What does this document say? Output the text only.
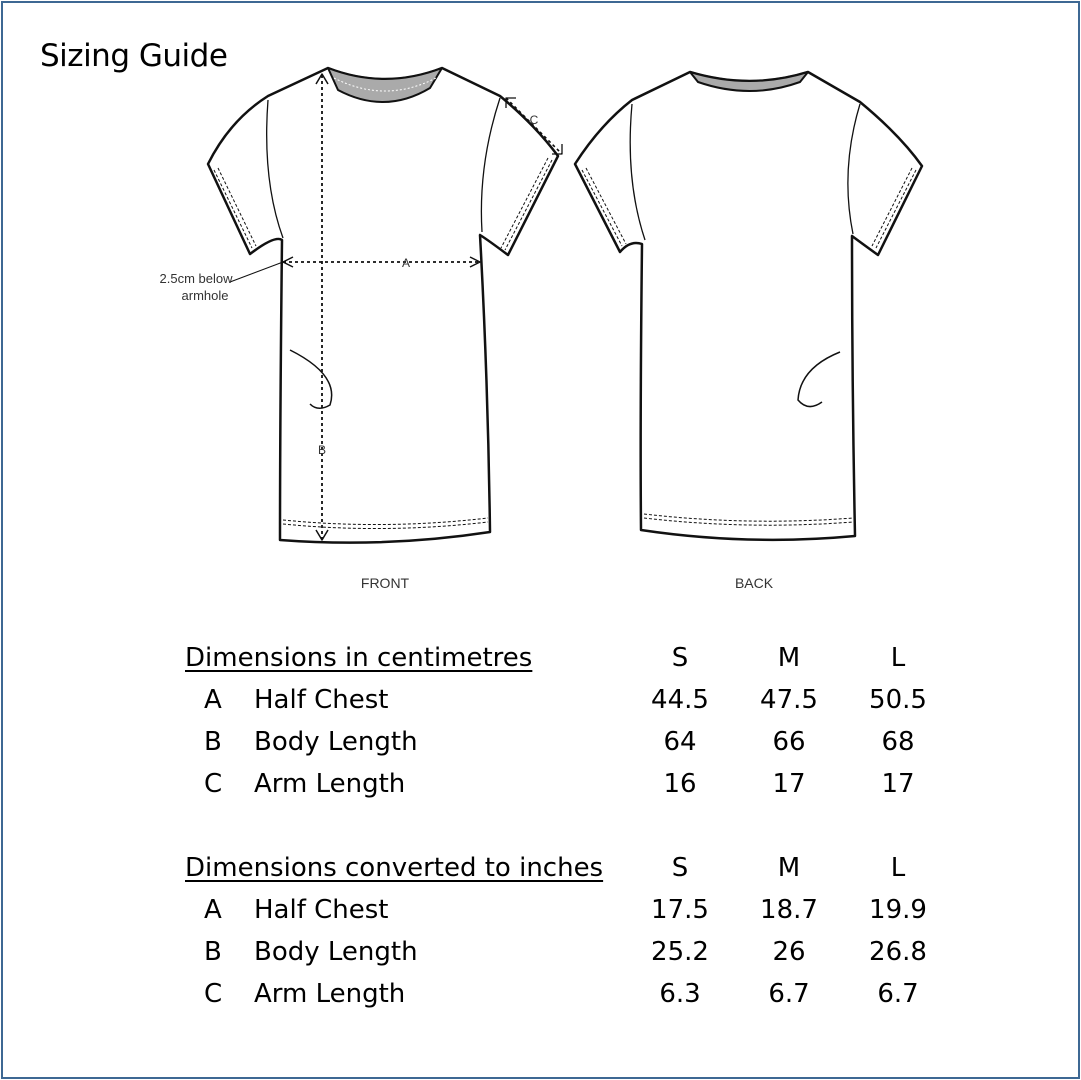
Sizing Guide
A
B
C
2.5cm below
armhole
FRONT	BACK
Dimensions in centimetres	S	M	L
A Half Chest	44.5 47.5 50.5
B Body Length	64	66	68
C Arm Length	16	17	17
Dimensions converted to inches	S	M	L
A Half Chest	17.5 18.7 19.9
B Body Length	25.2 26 26.8
C Arm Length	6.3	6.7	6.7
